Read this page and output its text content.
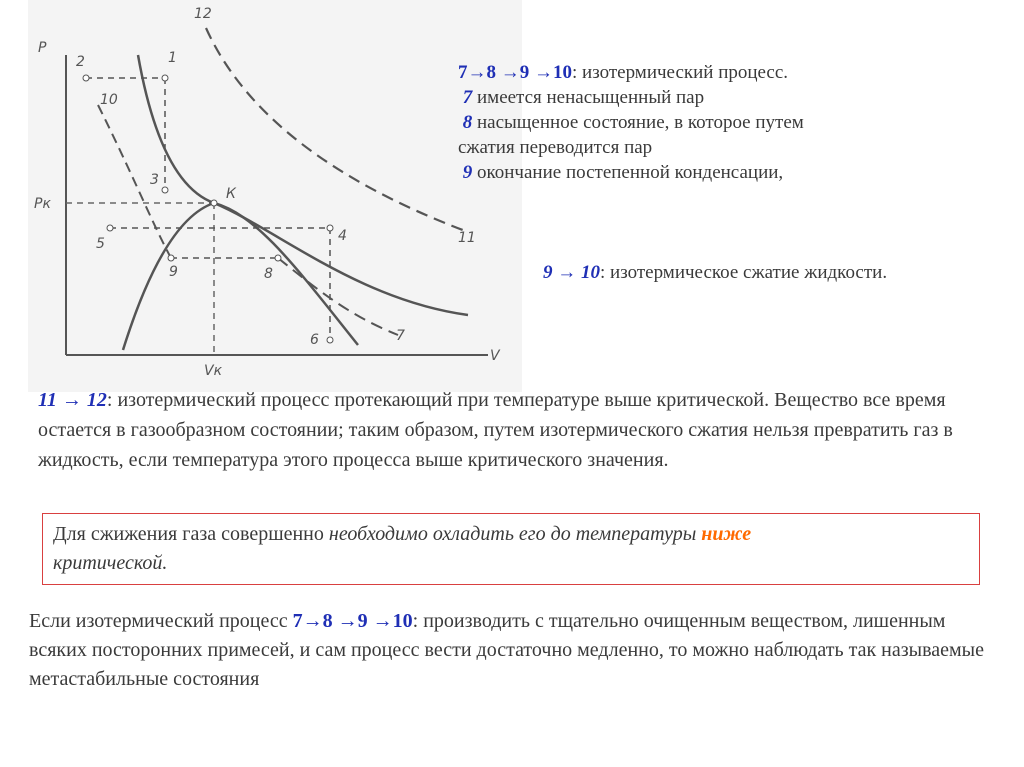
P
V
Pк
Vк
К
2	1
3
4
5
6	7
8
9
10
11
12

7→8 →9 →10: изотермический процесс.

7 имеется ненасыщенный пар

8 насыщенное состояние, в которое путем

сжатия переводится пар

9 окончание постепенной конденсации,

9 → 10: изотермическое сжатие жидкости.
11 → 12: изотермический процесс протекающий при температуре выше критической. Вещество все время остается в газообразном состоянии; таким образом, путем изотермического сжатия нельзя превратить газ в жидкость, если температура этого процесса выше критического значения.
Для сжижения газа совершенно необходимо охладить его до температуры ниже
критической.
Если изотермический процесс 7→8 →9 →10: производить с тщательно очищенным веществом, лишенным всяких посторонних примесей, и сам процесс вести достаточно медленно, то можно наблюдать так называемые метастабильные состояния
